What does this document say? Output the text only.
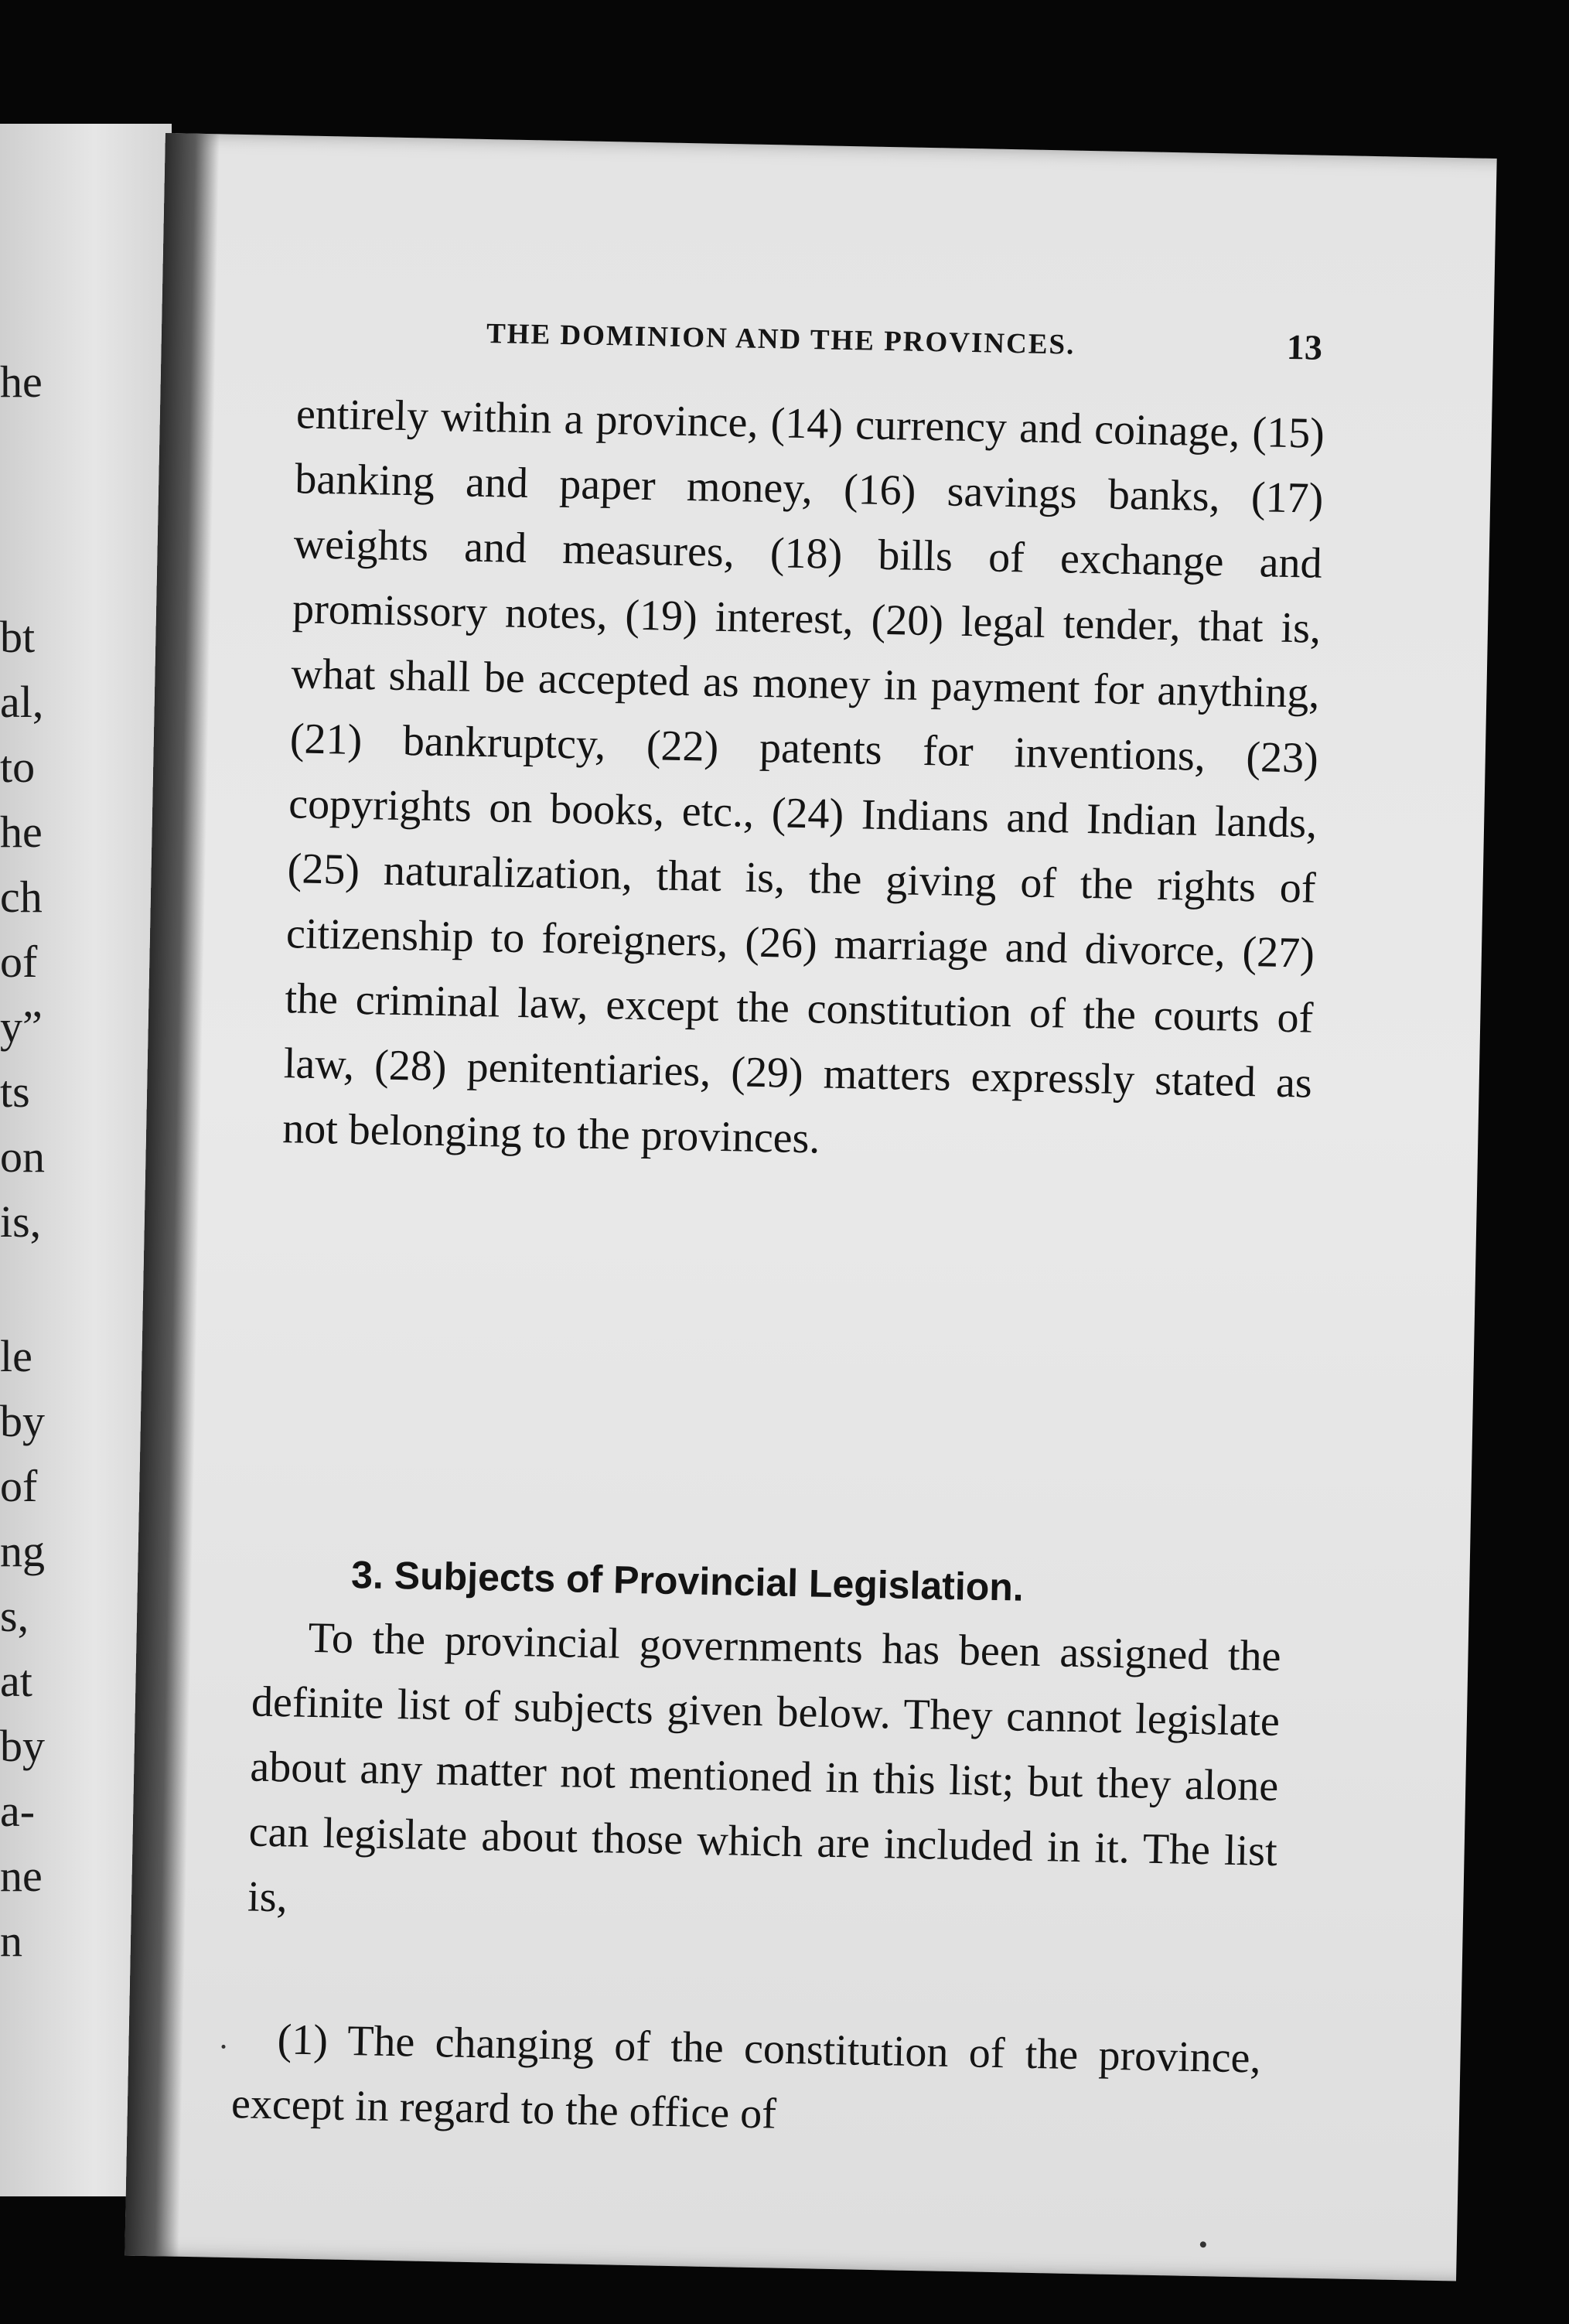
he
bt
al,
to
he
ch
of
y”
ts
on
is,
le
by
of
ng
s,
at
by
a-
ne
n
THE DOMINION AND THE PROVINCES.	13

entirely within a province, (14) currency and coinage, (15) banking and paper money, (16) savings banks, (17) weights and measures, (18) bills of exchange and promissory notes, (19) interest, (20) legal tender, that is, what shall be accepted as money in payment for anything, (21) bankruptcy, (22) patents for inventions, (23) copyrights on books, etc., (24) Indians and Indian lands, (25) naturalization, that is, the giving of the rights of citizenship to foreigners, (26) marriage and divorce, (27) the criminal law, except the constitution of the courts of law, (28) penitentiaries, (29) matters expressly stated as not belonging to the provinces.

3. Subjects of Provincial Legislation.
To the provincial governments has been assigned the definite list of subjects given below. They cannot legislate about any matter not mentioned in this list; but they alone can legislate about those which are included in it. The list is,
(1) The changing of the constitution of the province, except in regard to the office of
